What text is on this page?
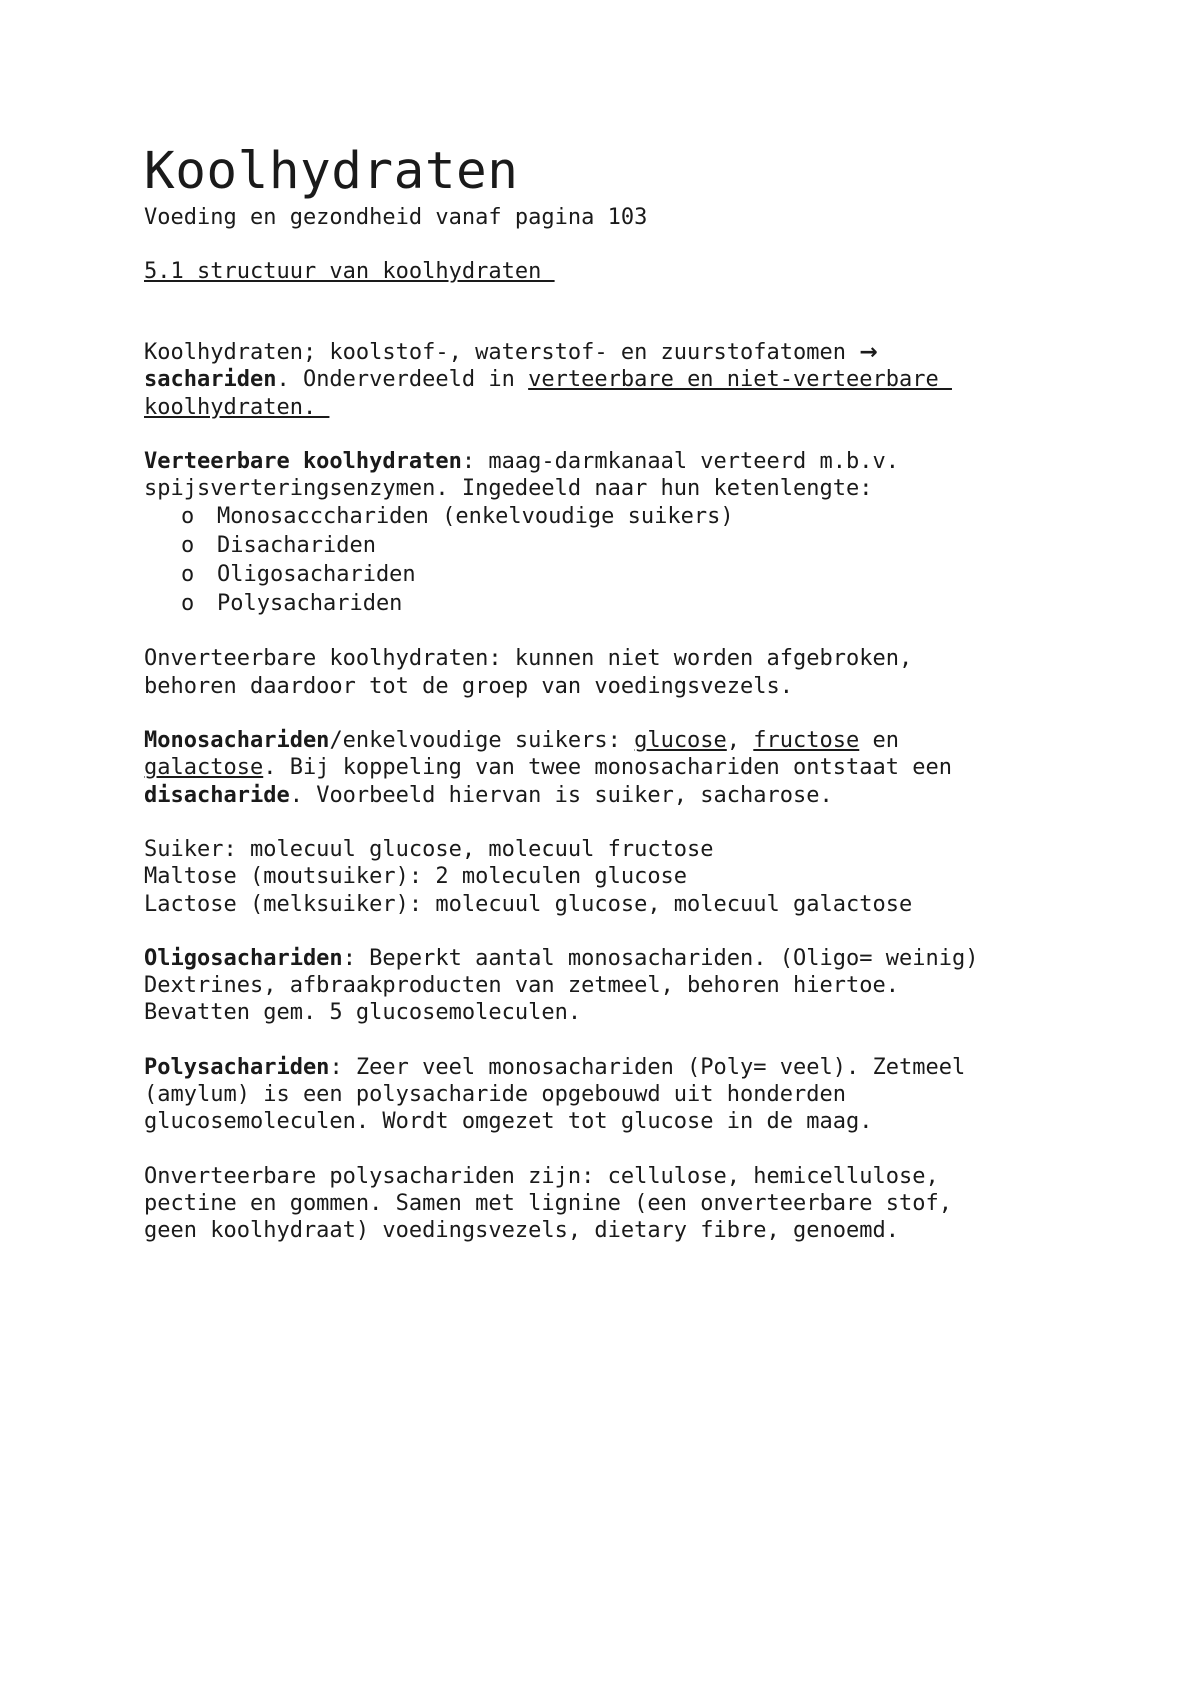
Koolhydraten
Voeding en gezondheid vanaf pagina 103
5.1 structuur van koolhydraten

Koolhydraten; koolstof-, waterstof- en zuurstofatomen →
sachariden. Onderverdeeld in verteerbare en niet-verteerbare
koolhydraten.

Verteerbare koolhydraten: maag-darmkanaal verteerd m.b.v.
spijsverteringsenzymen. Ingedeeld naar hun ketenlengte:

o	Monosaccchariden (enkelvoudige suikers)
o	Disachariden
o	Oligosachariden
o	Polysachariden

Onverteerbare koolhydraten: kunnen niet worden afgebroken,
behoren daardoor tot de groep van voedingsvezels.

Monosachariden/enkelvoudige suikers: glucose, fructose en
galactose. Bij koppeling van twee monosachariden ontstaat een
disacharide. Voorbeeld hiervan is suiker, sacharose.

Suiker: molecuul glucose, molecuul fructose
Maltose (moutsuiker): 2 moleculen glucose
Lactose (melksuiker): molecuul glucose, molecuul galactose

Oligosachariden: Beperkt aantal monosachariden. (Oligo= weinig)
Dextrines, afbraakproducten van zetmeel, behoren hiertoe.
Bevatten gem. 5 glucosemoleculen.

Polysachariden: Zeer veel monosachariden (Poly= veel). Zetmeel
(amylum) is een polysacharide opgebouwd uit honderden
glucosemoleculen. Wordt omgezet tot glucose in de maag.

Onverteerbare polysachariden zijn: cellulose, hemicellulose,
pectine en gommen. Samen met lignine (een onverteerbare stof,
geen koolhydraat) voedingsvezels, dietary fibre, genoemd.
